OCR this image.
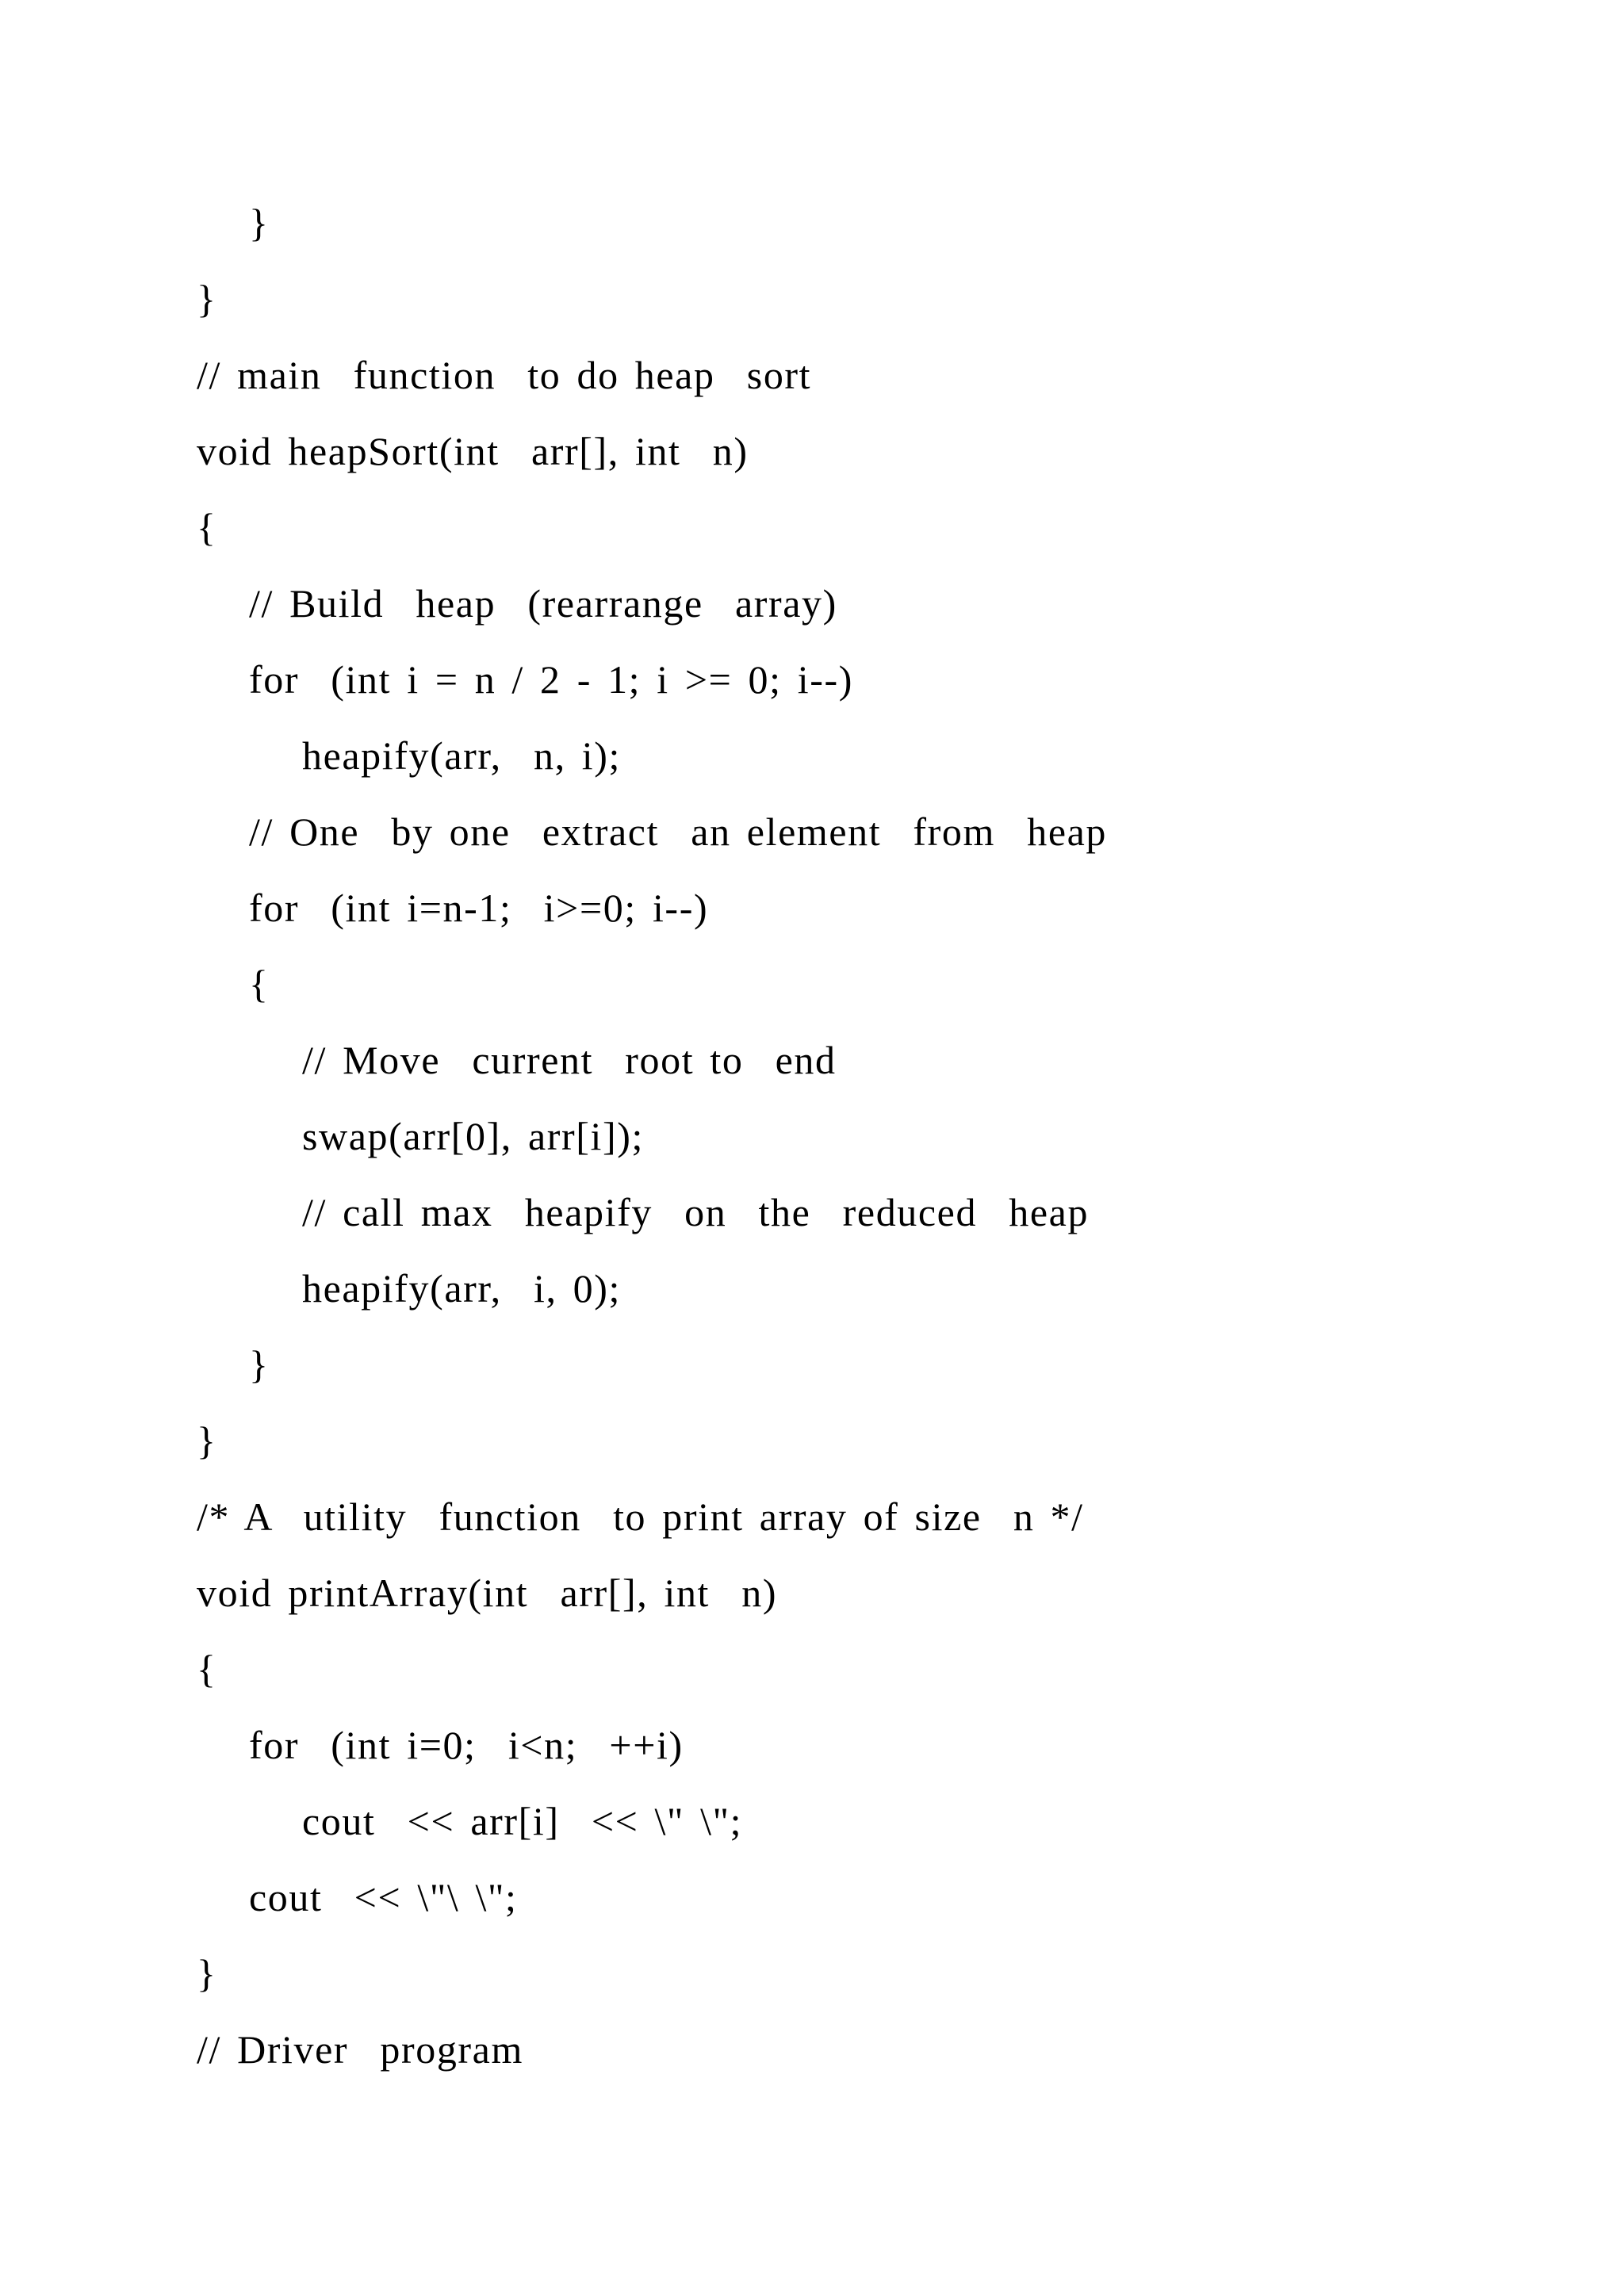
}
}
// main  function  to do heap  sort
void heapSort(int  arr[], int  n)
{
// Build  heap  (rearrange  array)
for  (int i = n / 2 - 1; i >= 0; i--)
heapify(arr,  n, i);
// One  by one  extract  an element  from  heap
for  (int i=n-1;  i>=0; i--)
{
// Move  current  root to  end
swap(arr[0], arr[i]);
// call max  heapify  on  the  reduced  heap
heapify(arr,  i, 0);
}
}
/* A  utility  function  to print array of size  n */
void printArray(int  arr[], int  n)
{
for  (int i=0;  i<n;  ++i)
cout  << arr[i]  << \" \";
cout  << \"\ \";
}
// Driver  program
